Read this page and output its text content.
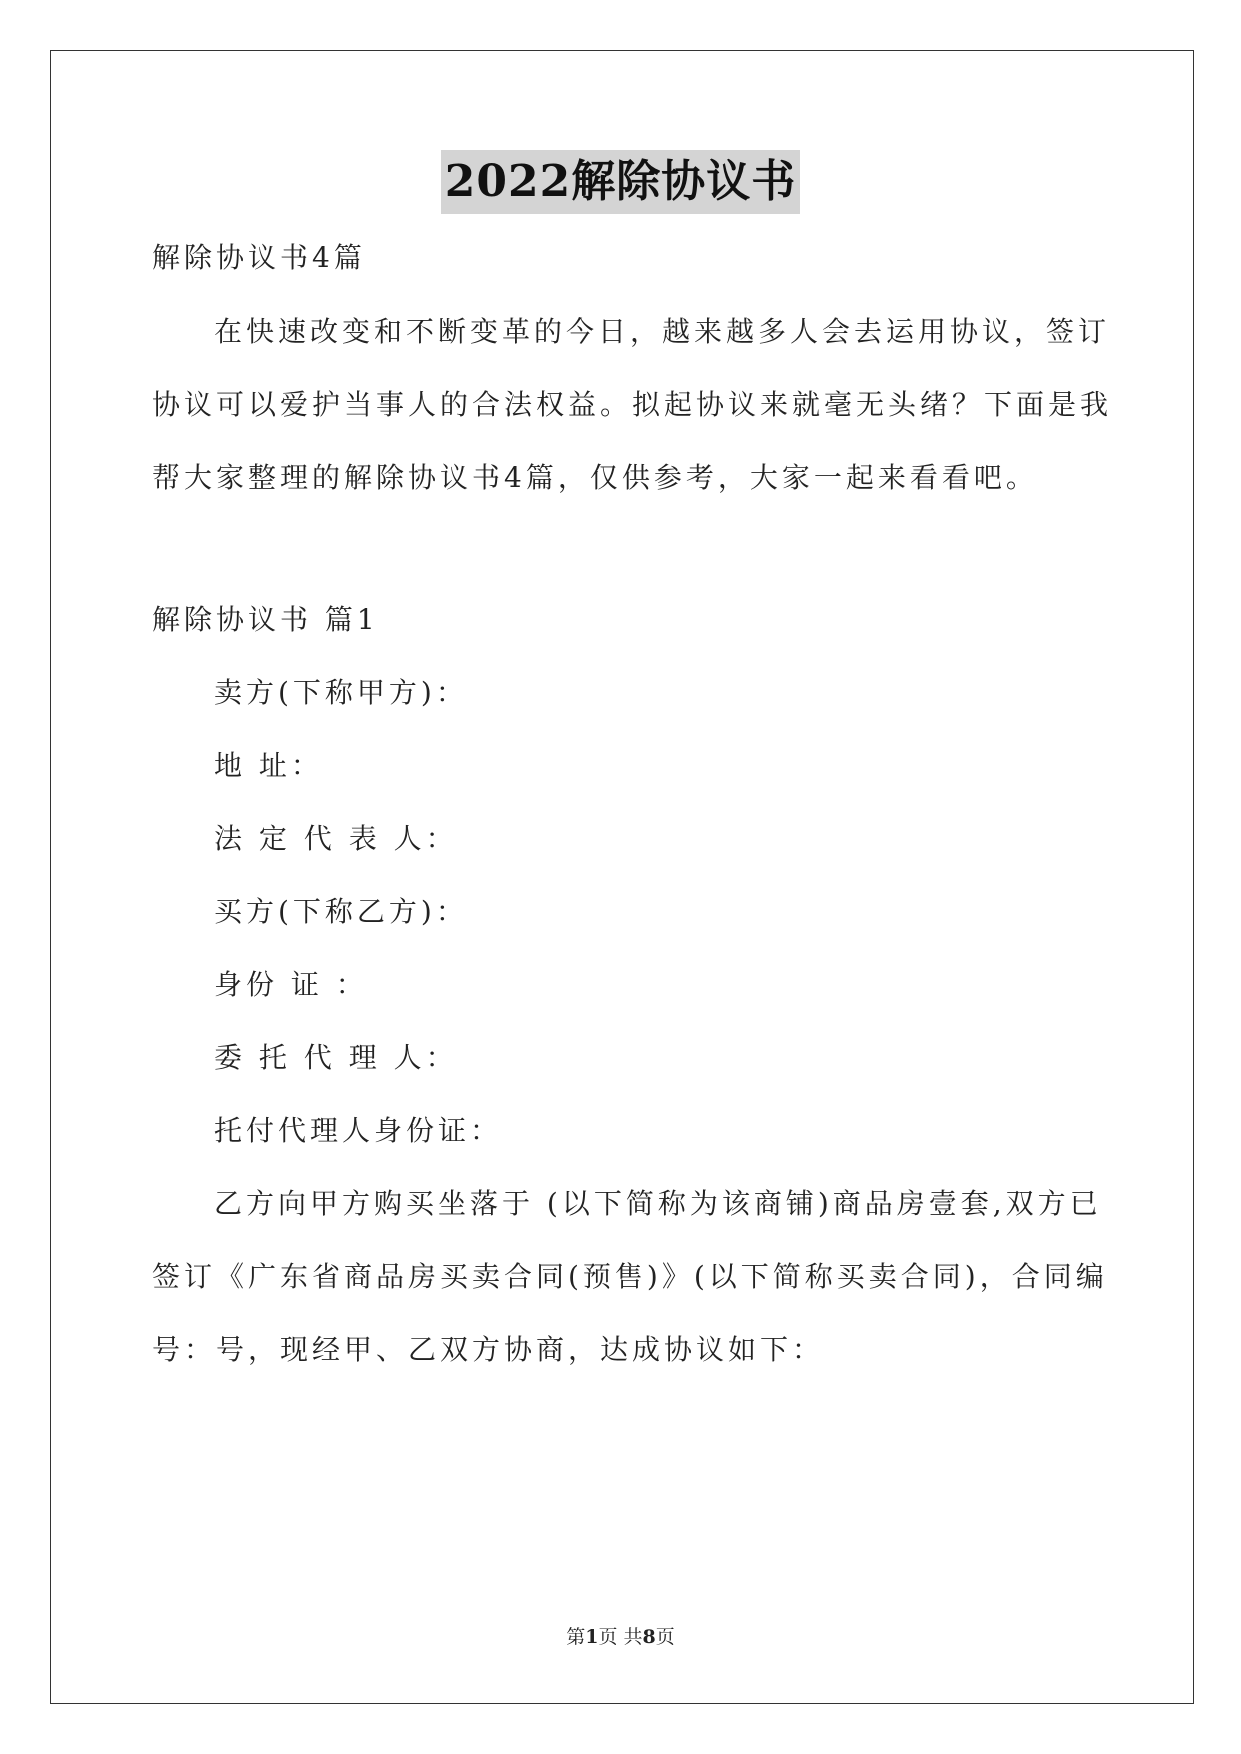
2022解除协议书
解除协议书4篇
在快速改变和不断变革的今日，越来越多人会去运用协议，签订
协议可以爱护当事人的合法权益。拟起协议来就毫无头绪？下面是我
帮大家整理的解除协议书4篇，仅供参考，大家一起来看看吧。
解除协议书 篇1
卖方(下称甲方)：
地 址：
法 定 代 表 人：
买方(下称乙方)：
身份 证 ：
委 托 代 理 人：
托付代理人身份证：
乙方向甲方购买坐落于 (以下简称为该商铺)商品房壹套,双方已
签订《广东省商品房买卖合同(预售)》(以下简称买卖合同)，合同编
号：号，现经甲、乙双方协商，达成协议如下：
第1页 共8页
